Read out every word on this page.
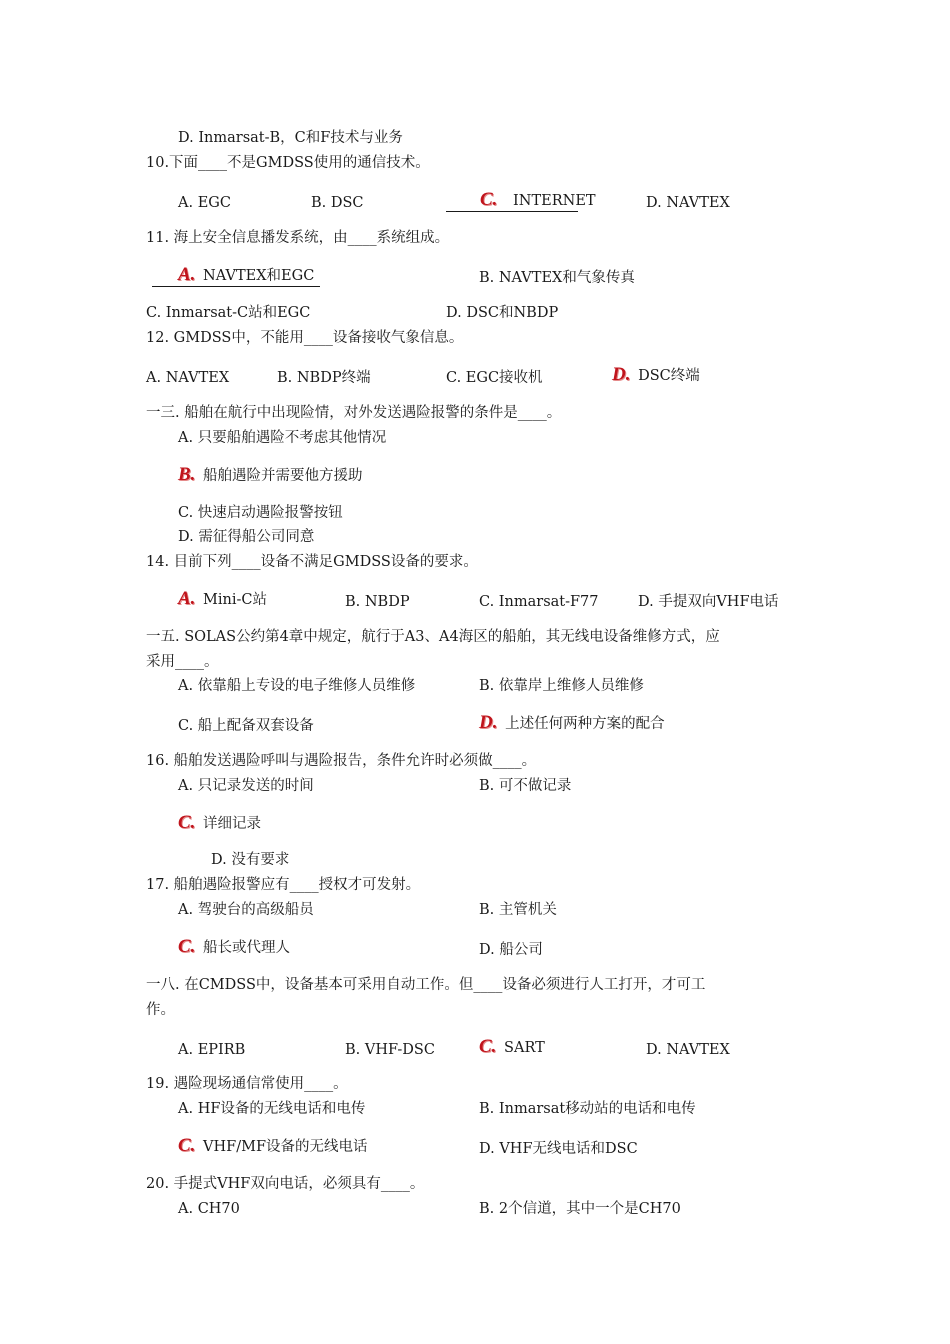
D. Inmarsat-B，C和F技术与业务
10.下面____不是GMDSS使用的通信技术。
A. EGC	B. DSC	C. INTERNET	D. NAVTEX
11. 海上安全信息播发系统，由____系统组成。
A. NAVTEX和EGC	B. NAVTEX和气象传真
C. Inmarsat-C站和EGC	D. DSC和NBDP
12. GMDSS中，不能用____设备接收气象信息。
A. NAVTEX	B. NBDP终端	C. EGC接收机	D. DSC终端
一三. 船舶在航行中出现险情，对外发送遇险报警的条件是____。
A. 只要船舶遇险不考虑其他情况
B. 船舶遇险并需要他方援助
C. 快速启动遇险报警按钮
D. 需征得船公司同意
14. 目前下列____设备不满足GMDSS设备的要求。
A. Mini-C站	B. NBDP	C. Inmarsat-F77	D. 手提双向VHF电话
一五. SOLAS公约第4章中规定，航行于A3、A4海区的船舶，其无线电设备维修方式，应
采用____。
A. 依靠船上专设的电子维修人员维修	B. 依靠岸上维修人员维修
C. 船上配备双套设备	D. 上述任何两种方案的配合
16. 船舶发送遇险呼叫与遇险报告，条件允许时必须做____。
A. 只记录发送的时间	B. 可不做记录
C. 详细记录
D. 没有要求
17. 船舶遇险报警应有____授权才可发射。
A. 驾驶台的高级船员	B. 主管机关
C. 船长或代理人	D. 船公司
一八. 在CMDSS中，设备基本可采用自动工作。但____设备必须进行人工打开，才可工
作。
A. EPIRB	B. VHF-DSC C. SART	D. NAVTEX
19. 遇险现场通信常使用____。
A. HF设备的无线电话和电传	B. Inmarsat移动站的电话和电传
C. VHF/MF设备的无线电话	D. VHF无线电话和DSC
20. 手提式VHF双向电话，必须具有____。
A. CH70	B. 2个信道，其中一个是CH70
